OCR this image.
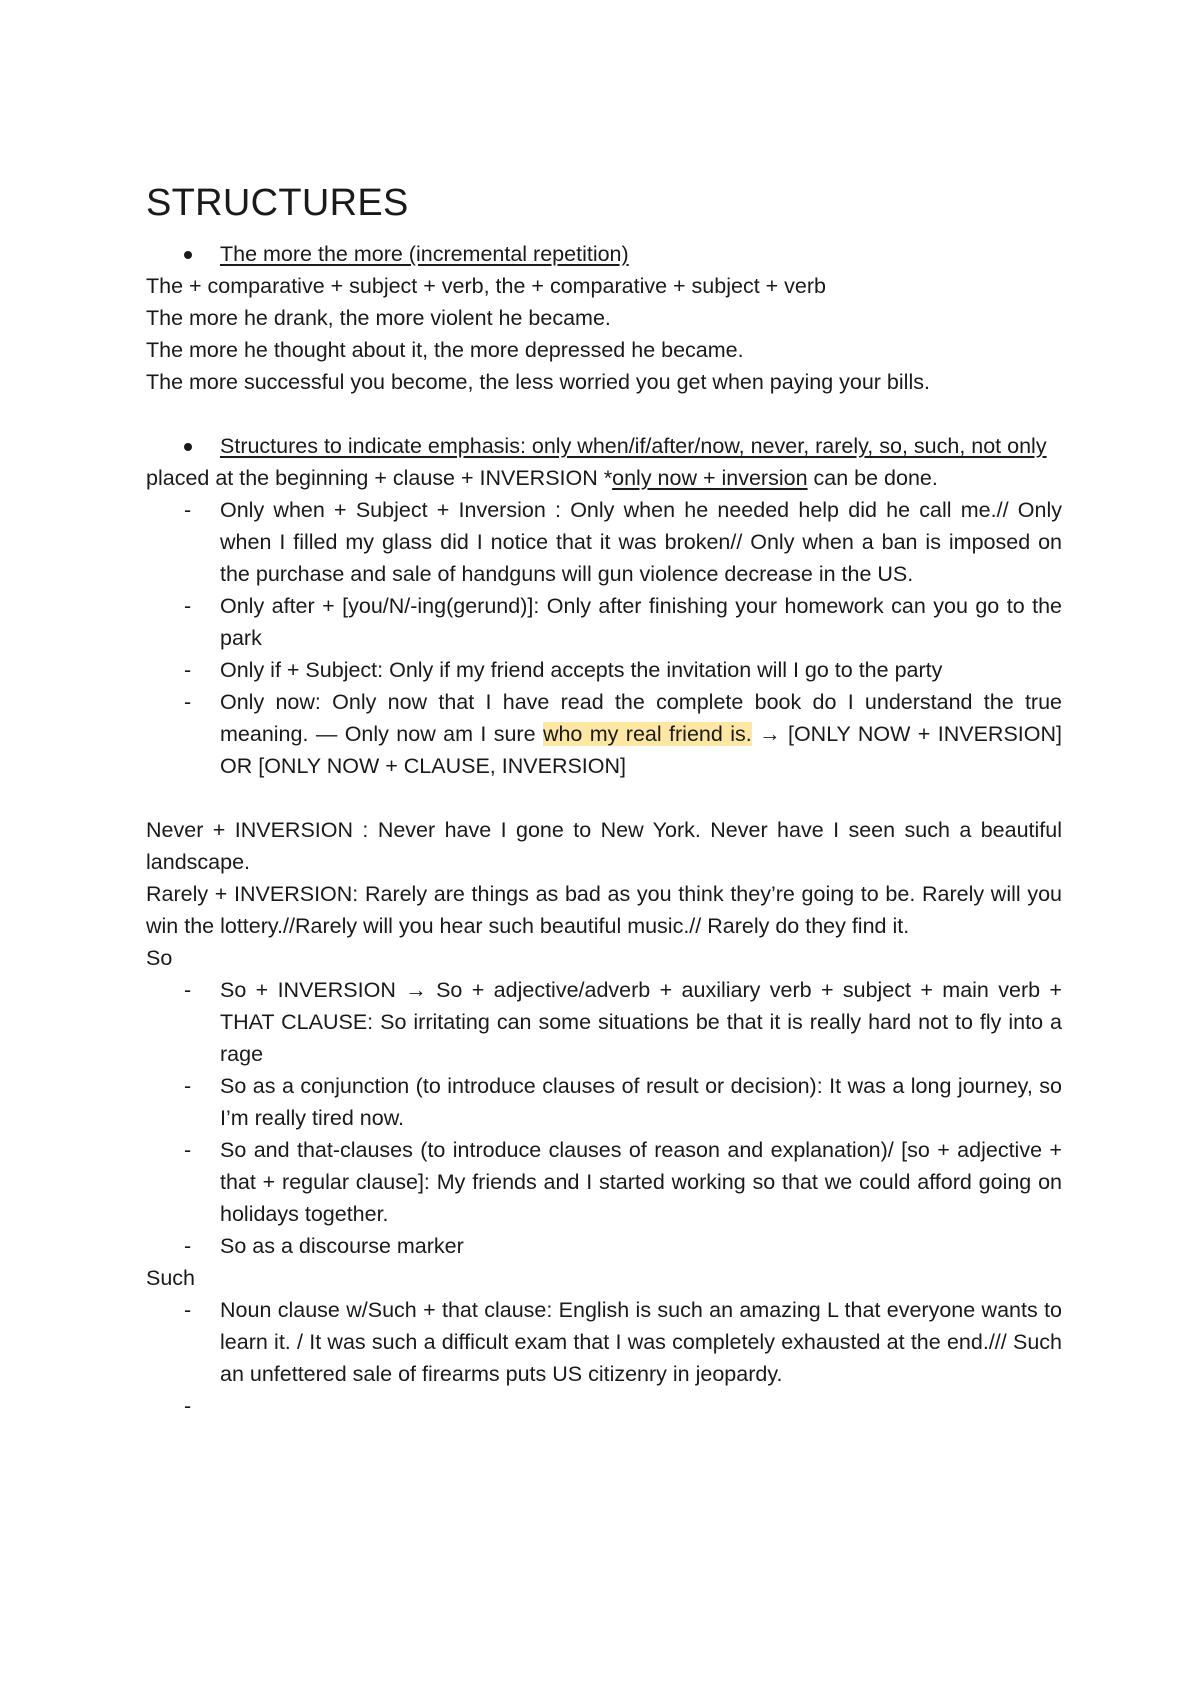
STRUCTURES
The more the more (incremental repetition)
The + comparative + subject + verb, the + comparative + subject + verb
The more he drank, the more violent he became.
The more he thought about it, the more depressed he became.
The more successful you become, the less worried you get when paying your bills.
Structures to indicate emphasis: only when/if/after/now, never, rarely, so, such, not only
placed at the beginning + clause + INVERSION *only now + inversion can be done.
- Only when + Subject + Inversion : Only when he needed help did he call me.// Only when I filled my glass did I notice that it was broken// Only when a ban is imposed on the purchase and sale of handguns will gun violence decrease in the US.
- Only after + [you/N/-ing(gerund)]: Only after finishing your homework can you go to the park
- Only if + Subject: Only if my friend accepts the invitation will I go to the party
- Only now: Only now that I have read the complete book do I understand the true meaning. — Only now am I sure who my real friend is. → [ONLY NOW + INVERSION] OR [ONLY NOW + CLAUSE, INVERSION]
Never + INVERSION : Never have I gone to New York. Never have I seen such a beautiful landscape.
Rarely + INVERSION: Rarely are things as bad as you think they’re going to be. Rarely will you win the lottery.//Rarely will you hear such beautiful music.// Rarely do they find it.
So
- So + INVERSION → So + adjective/adverb + auxiliary verb + subject + main verb + THAT CLAUSE: So irritating can some situations be that it is really hard not to fly into a rage
- So as a conjunction (to introduce clauses of result or decision): It was a long journey, so I’m really tired now.
- So and that-clauses (to introduce clauses of reason and explanation)/ [so + adjective + that + regular clause]: My friends and I started working so that we could afford going on holidays together.
- So as a discourse marker
Such
- Noun clause w/Such + that clause: English is such an amazing L that everyone wants to learn it. / It was such a difficult exam that I was completely exhausted at the end./// Such an unfettered sale of firearms puts US citizenry in jeopardy.
-
